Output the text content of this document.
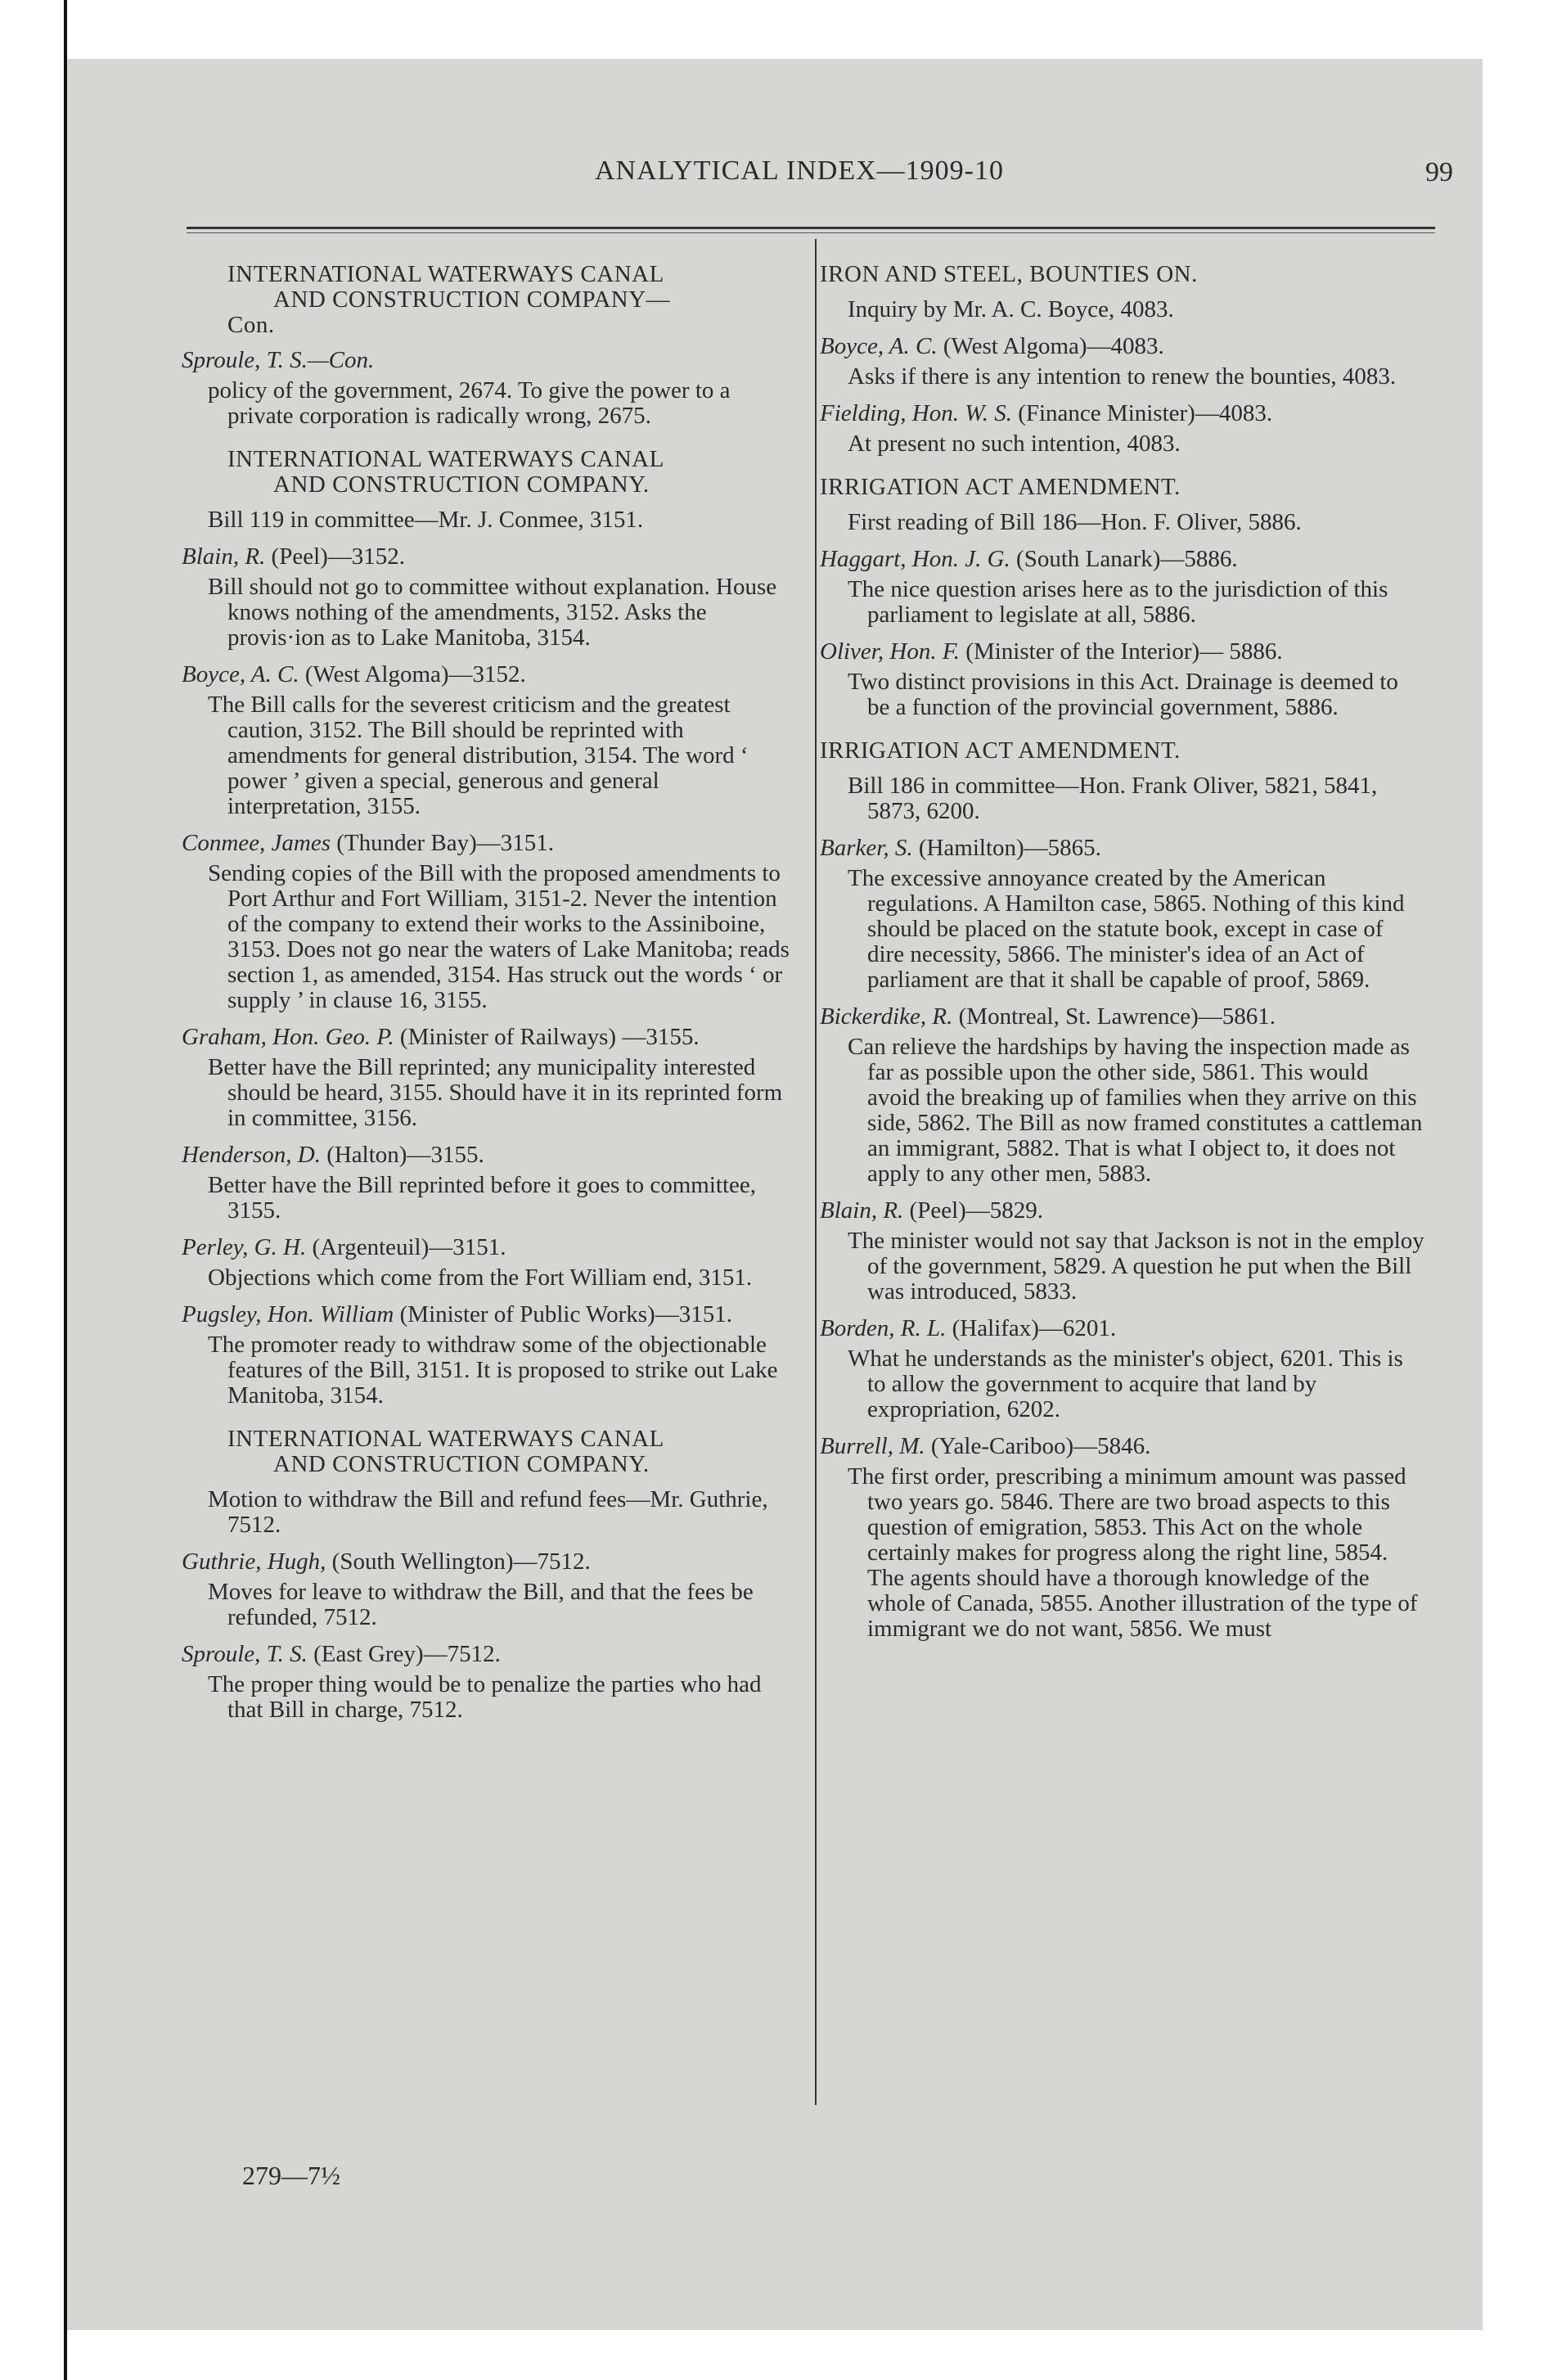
ANALYTICAL INDEX—1909-10	99
INTERNATIONAL WATERWAYS CANAL
AND CONSTRUCTION COMPANY—
Con.
Sproule, T. S.—Con.
policy of the government, 2674. To give the power to a private corporation is radically wrong, 2675.
INTERNATIONAL WATERWAYS CANAL
AND CONSTRUCTION COMPANY.
Bill 119 in committee—Mr. J. Conmee, 3151.
Blain, R. (Peel)—3152.
Bill should not go to committee without explanation. House knows nothing of the amendments, 3152. Asks the provis·ion as to Lake Manitoba, 3154.
Boyce, A. C. (West Algoma)—3152.
The Bill calls for the severest criticism and the greatest caution, 3152. The Bill should be reprinted with amendments for general distribution, 3154. The word ‘ power ’ given a special, generous and general interpretation, 3155.
Conmee, James (Thunder Bay)—3151.
Sending copies of the Bill with the proposed amendments to Port Arthur and Fort William, 3151-2. Never the intention of the company to extend their works to the Assiniboine, 3153. Does not go near the waters of Lake Manitoba; reads section 1, as amended, 3154. Has struck out the words ‘ or supply ’ in clause 16, 3155.
Graham, Hon. Geo. P. (Minister of Railways) —3155.
Better have the Bill reprinted; any municipality interested should be heard, 3155. Should have it in its reprinted form in committee, 3156.
Henderson, D. (Halton)—3155.
Better have the Bill reprinted before it goes to committee, 3155.
Perley, G. H. (Argenteuil)—3151.
Objections which come from the Fort William end, 3151.
Pugsley, Hon. William (Minister of Public Works)—3151.
The promoter ready to withdraw some of the objectionable features of the Bill, 3151. It is proposed to strike out Lake Manitoba, 3154.
INTERNATIONAL WATERWAYS CANAL
AND CONSTRUCTION COMPANY.
Motion to withdraw the Bill and refund fees—Mr. Guthrie, 7512.
Guthrie, Hugh, (South Wellington)—7512.
Moves for leave to withdraw the Bill, and that the fees be refunded, 7512.
Sproule, T. S. (East Grey)—7512.
The proper thing would be to penalize the parties who had that Bill in charge, 7512.
IRON AND STEEL, BOUNTIES ON.
Inquiry by Mr. A. C. Boyce, 4083.
Boyce, A. C. (West Algoma)—4083.
Asks if there is any intention to renew the bounties, 4083.
Fielding, Hon. W. S. (Finance Minister)—4083.
At present no such intention, 4083.
IRRIGATION ACT AMENDMENT.
First reading of Bill 186—Hon. F. Oliver, 5886.
Haggart, Hon. J. G. (South Lanark)—5886.
The nice question arises here as to the jurisdiction of this parliament to legislate at all, 5886.
Oliver, Hon. F. (Minister of the Interior)— 5886.
Two distinct provisions in this Act. Drainage is deemed to be a function of the provincial government, 5886.
IRRIGATION ACT AMENDMENT.
Bill 186 in committee—Hon. Frank Oliver, 5821, 5841, 5873, 6200.
Barker, S. (Hamilton)—5865.
The excessive annoyance created by the American regulations. A Hamilton case, 5865. Nothing of this kind should be placed on the statute book, except in case of dire necessity, 5866. The minister's idea of an Act of parliament are that it shall be capable of proof, 5869.
Bickerdike, R. (Montreal, St. Lawrence)—5861.
Can relieve the hardships by having the inspection made as far as possible upon the other side, 5861. This would avoid the breaking up of families when they arrive on this side, 5862. The Bill as now framed constitutes a cattleman an immigrant, 5882. That is what I object to, it does not apply to any other men, 5883.
Blain, R. (Peel)—5829.
The minister would not say that Jackson is not in the employ of the government, 5829. A question he put when the Bill was introduced, 5833.
Borden, R. L. (Halifax)—6201.
What he understands as the minister's object, 6201. This is to allow the government to acquire that land by expropriation, 6202.
Burrell, M. (Yale-Cariboo)—5846.
The first order, prescribing a minimum amount was passed two years go. 5846. There are two broad aspects to this question of emigration, 5853. This Act on the whole certainly makes for progress along the right line, 5854. The agents should have a thorough knowledge of the whole of Canada, 5855. Another illustration of the type of immigrant we do not want, 5856. We must
279—7½
